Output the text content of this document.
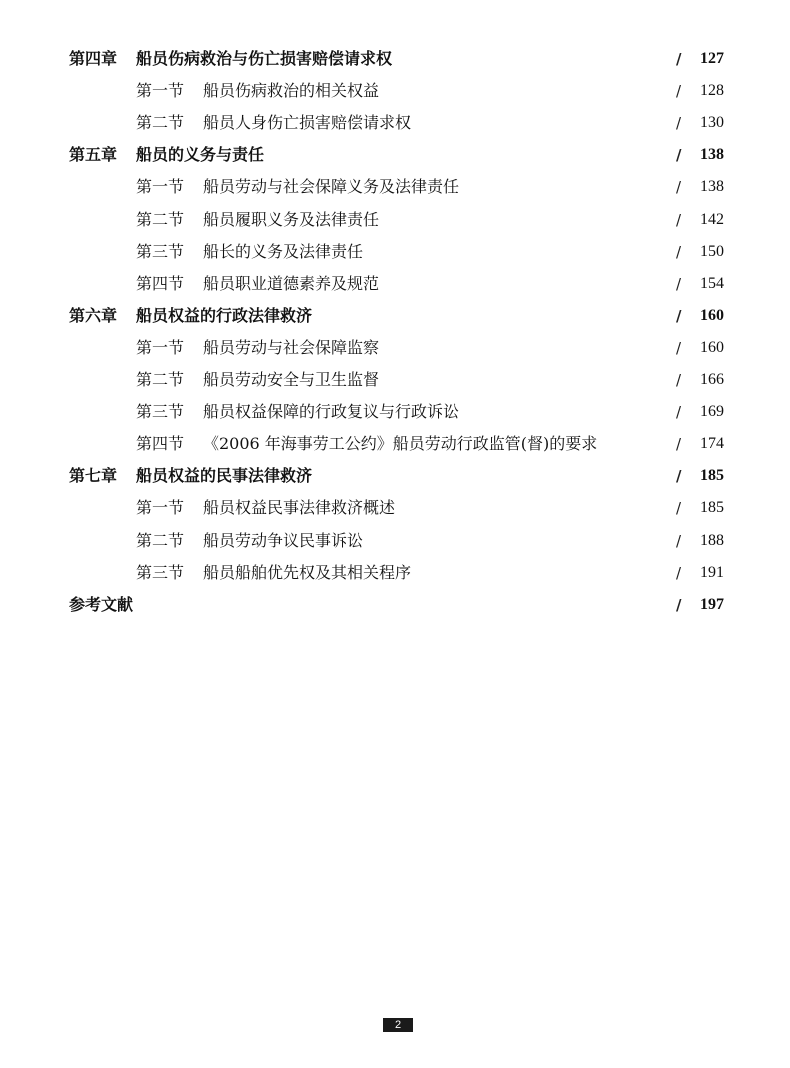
第四章 船员伤病救治与伤亡损害赔偿请求权	/ 127
第一节 船员伤病救治的相关权益	/ 128
第二节 船员人身伤亡损害赔偿请求权	/ 130
第五章 船员的义务与责任	/ 138
第一节 船员劳动与社会保障义务及法律责任	/ 138
第二节 船员履职义务及法律责任	/ 142
第三节 船长的义务及法律责任	/ 150
第四节 船员职业道德素养及规范	/ 154
第六章 船员权益的行政法律救济	/ 160
第一节 船员劳动与社会保障监察	/ 160
第二节 船员劳动安全与卫生监督	/ 166
第三节 船员权益保障的行政复议与行政诉讼	/ 169
第四节 《2006 年海事劳工公约》船员劳动行政监管(督)的要求	/ 174
第七章 船员权益的民事法律救济	/ 185
第一节 船员权益民事法律救济概述	/ 185
第二节 船员劳动争议民事诉讼	/ 188
第三节 船员船舶优先权及其相关程序	/ 191
参考文献	/ 197
2
